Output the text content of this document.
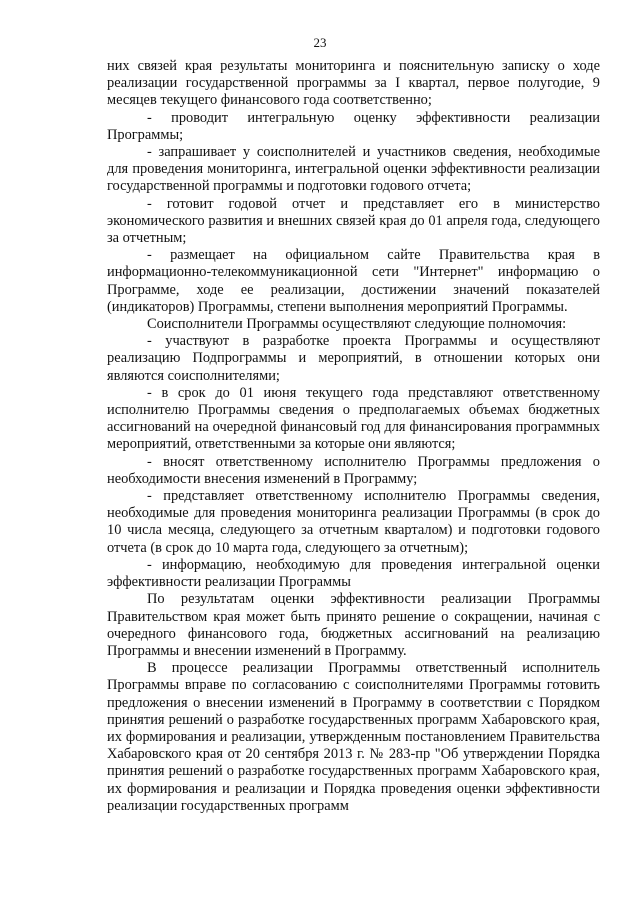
23

них связей края результаты мониторинга и пояснительную записку о ходе реализации государственной программы за I квартал, первое полугодие, 9 месяцев текущего финансового года соответственно;

- проводит интегральную оценку эффективности реализации Программы;

- запрашивает у соисполнителей и участников сведения, необходимые для проведения мониторинга, интегральной оценки эффективности реализации государственной программы и подготовки годового отчета;

- готовит годовой отчет и представляет его в министерство экономического развития и внешних связей края до 01 апреля года, следующего за отчетным;

- размещает на официальном сайте Правительства края в информационно-телекоммуникационной сети "Интернет" информацию о Программе, ходе ее реализации, достижении значений показателей (индикаторов) Программы, степени выполнения мероприятий Программы.

Соисполнители Программы осуществляют следующие полномочия:

- участвуют в разработке проекта Программы и осуществляют реализацию Подпрограммы и мероприятий, в отношении которых они являются соисполнителями;

- в срок до 01 июня текущего года представляют ответственному исполнителю Программы сведения о предполагаемых объемах бюджетных ассигнований на очередной финансовый год для финансирования программных мероприятий, ответственными за которые они являются;

- вносят ответственному исполнителю Программы предложения о необходимости внесения изменений в Программу;

- представляет ответственному исполнителю Программы сведения, необходимые для проведения мониторинга реализации Программы (в срок до 10 числа месяца, следующего за отчетным кварталом) и подготовки годового отчета (в срок до 10 марта года, следующего за отчетным);

- информацию, необходимую для проведения интегральной оценки эффективности реализации Программы

По результатам оценки эффективности реализации Программы Правительством края может быть принято решение о сокращении, начиная с очередного финансового года, бюджетных ассигнований на реализацию Программы и внесении изменений в Программу.

В процессе реализации Программы ответственный исполнитель Программы вправе по согласованию с соисполнителями Программы готовить предложения о внесении изменений в Программу в соответствии с Порядком принятия решений о разработке государственных программ Хабаровского края, их формирования и реализации, утвержденным постановлением Правительства Хабаровского края от 20 сентября 2013 г. № 283-пр "Об утверждении Порядка принятия решений о разработке государственных программ Хабаровского края, их формирования и реализации и Порядка проведения оценки эффективности реализации государственных программ
